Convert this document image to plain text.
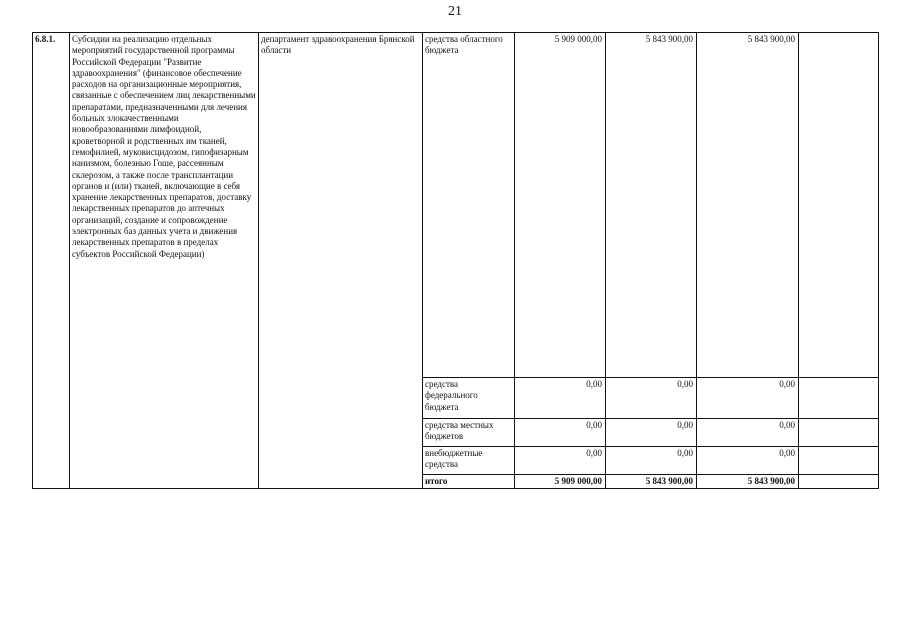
21
6.8.1.	Субсидии на реализацию отдельных мероприятий государственной программы Российской Федерации "Развитие здравоохранения" (финансовое обеспечение расходов на организационные мероприятия, связанные с обеспечением лиц лекарственными препаратами, предназначенными для лечения больных злокачественными новообразованиями лимфоидной, кроветворной и родственных им тканей, гемофилией, муковисцидозом, гипофизарным нанизмом, болезнью Гоше, рассеянным склерозом, а также после трансплантации органов и (или) тканей, включающие в себя хранение лекарственных препаратов, доставку лекарственных препаратов до аптечных организаций, создание и сопровождение электронных баз данных учета и движения лекарственных препаратов в пределах субъектов Российской Федерации)	департамент здравоохранения Брянской области	средства областного бюджета	5 909 000,00	5 843 900,00	5 843 900,00	
			средства федерального бюджета	0,00	0,00	0,00	
			средства местных бюджетов	0,00	0,00	0,00	
			внебюджетные средства	0,00	0,00	0,00	
			итого	5 909 000,00	5 843 900,00	5 843 900,00	
